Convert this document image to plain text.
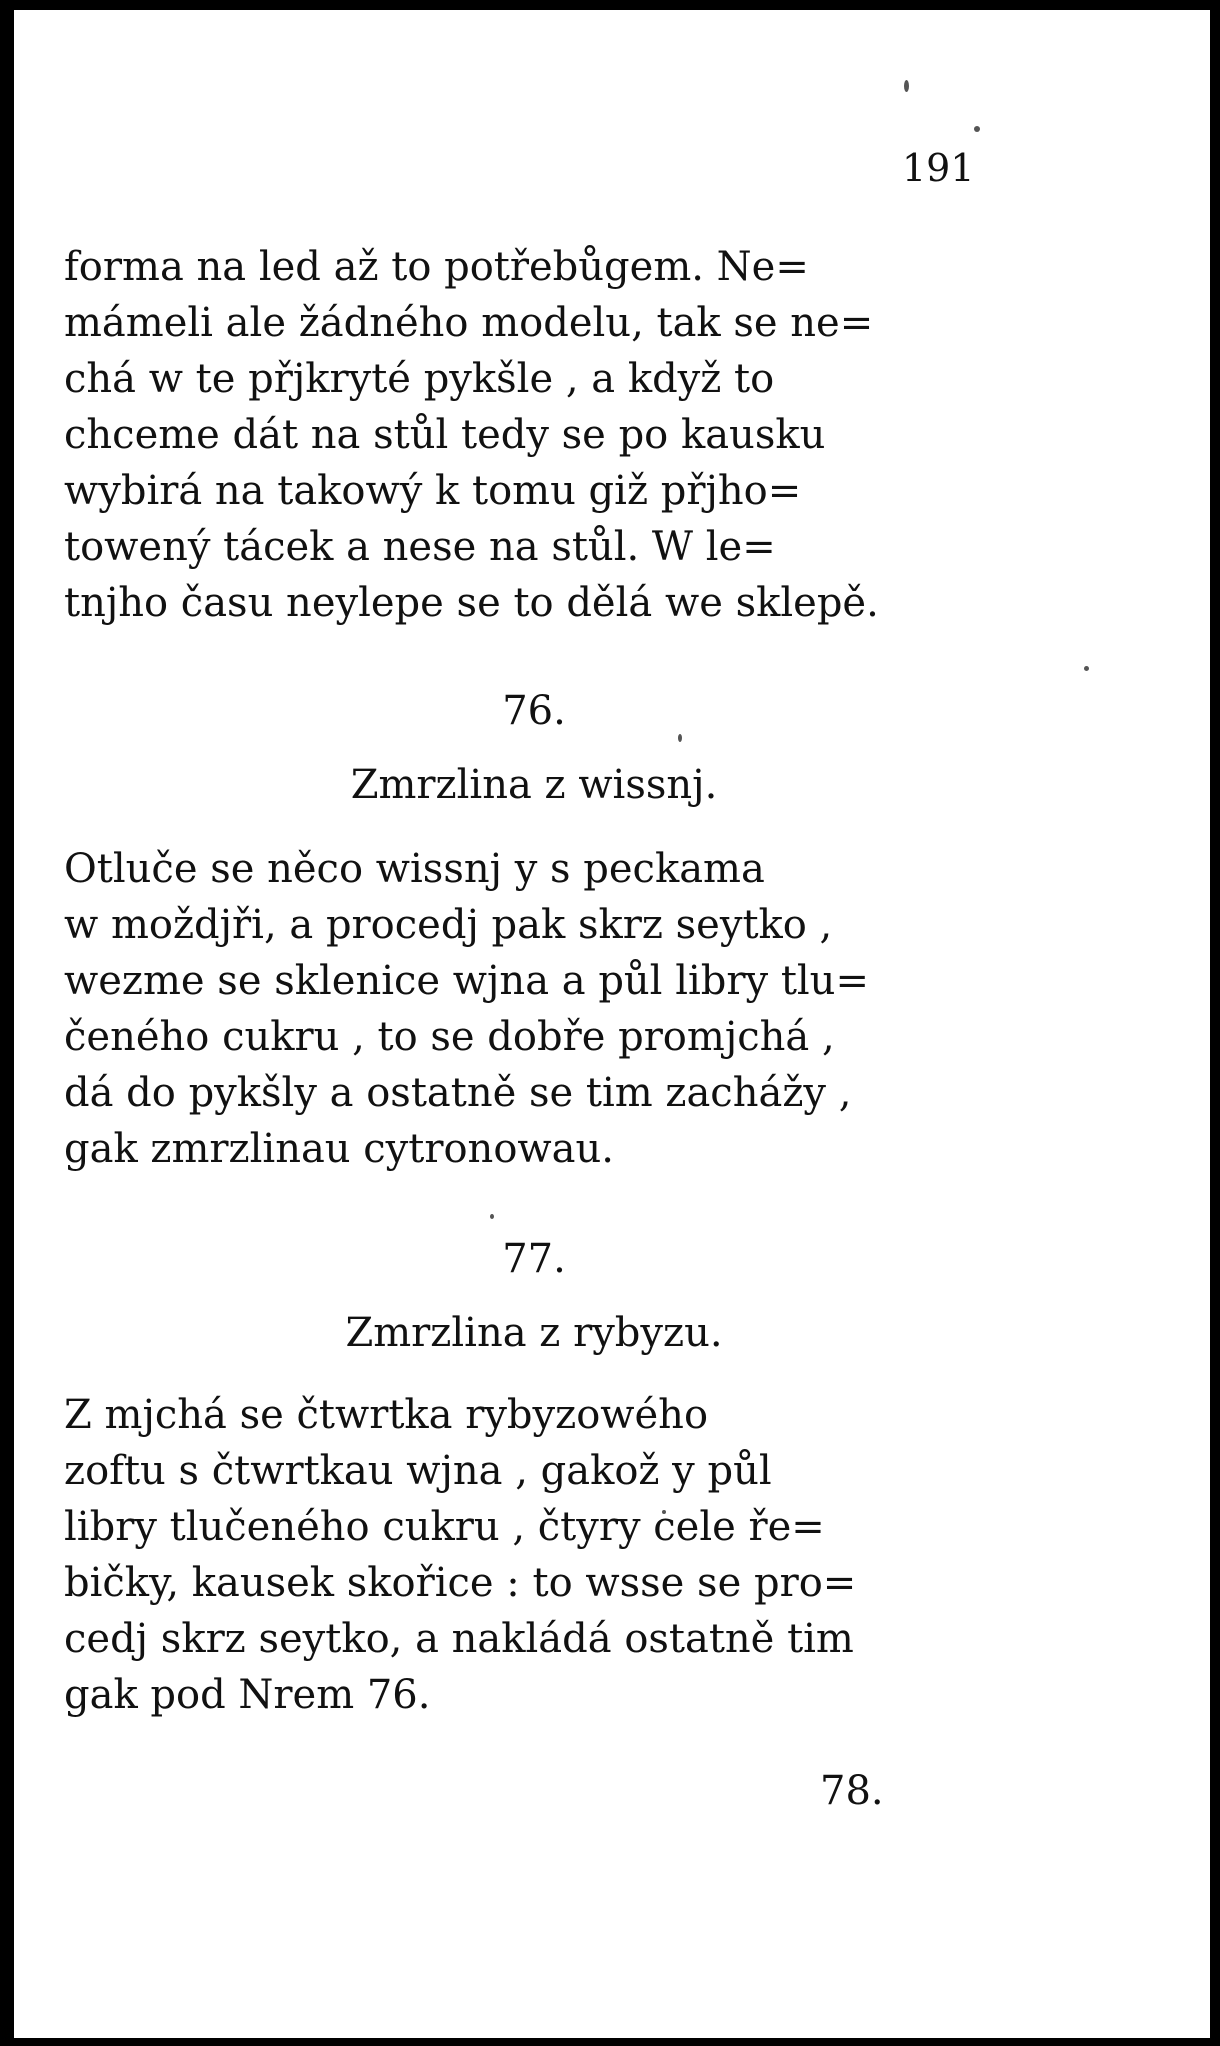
191

forma na led až to potřebůgem. Ne=

mámeli ale žádného modelu, tak se ne=

chá w te přjkryté pykšle , a když to

chceme dát na stůl tedy se po kausku

wybirá na takowý k tomu giž přjho=

towený tácek a nese na stůl. W le=

tnjho času neylepe se to dělá we sklepě.

76.
Zmrzlina z wissnj.

Otluče se něco wissnj y s peckama

w moždjři, a procedj pak skrz seytko ,

wezme se sklenice wjna a půl libry tlu=

čeného cukru , to se dobře promjchá ,

dá do pykšly a ostatně se tim zachážy ,

gak zmrzlinau cytronowau.

77.
Zmrzlina z rybyzu.

Z mjchá se čtwrtka rybyzowého

zoftu s čtwrtkau wjna , gakož y půl

libry tlučeného cukru , čtyry cele ře=

bičky, kausek skořice : to wsse se pro=

cedj skrz seytko, a nakládá ostatně tim

gak pod Nrem 76.

78.
